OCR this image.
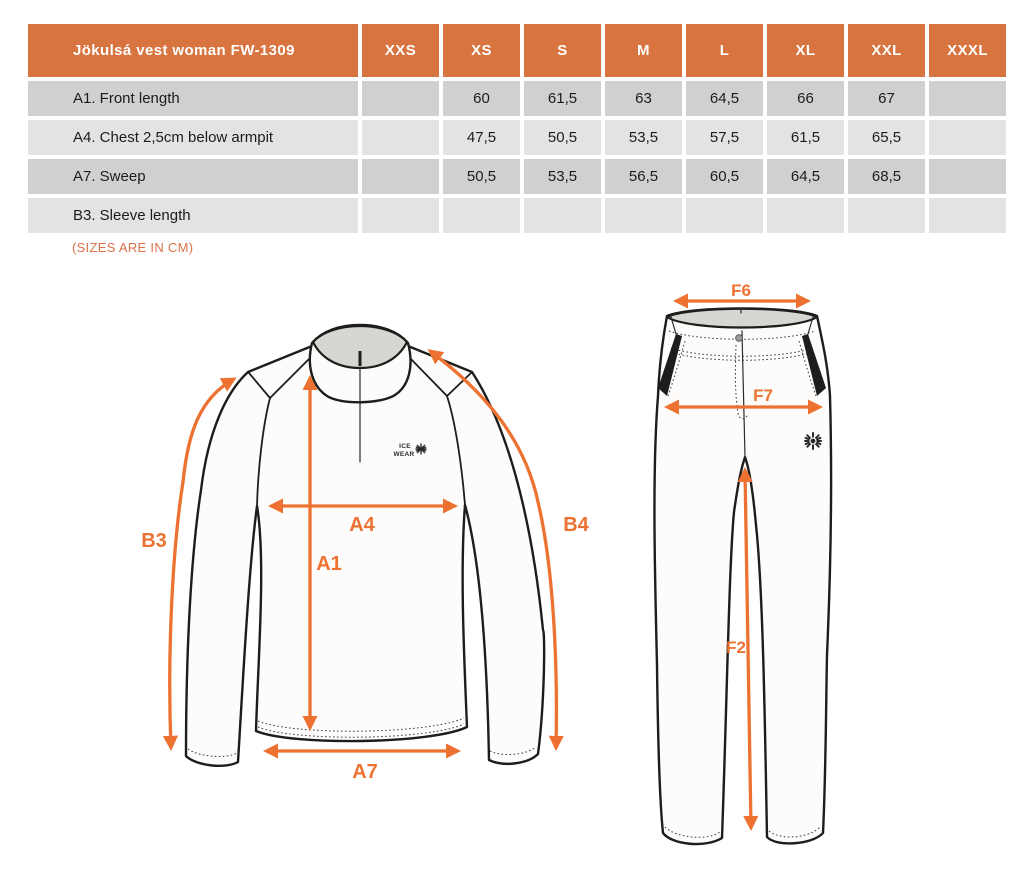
Jökulsá vest woman FW-1309	XXS	XS	S	M	L	XL	XXL	XXXL
A1. Front length		60	61,5	63	64,5	66	67	
A4. Chest 2,5cm below armpit		47,5	50,5	53,5	57,5	61,5	65,5	
A7. Sweep		50,5	53,5	56,5	60,5	64,5	68,5	
B3. Sleeve length								
(SIZES ARE IN CM)
ICE
WEAR
A1
A4
A7
B3
B4
F6
F7
F2
